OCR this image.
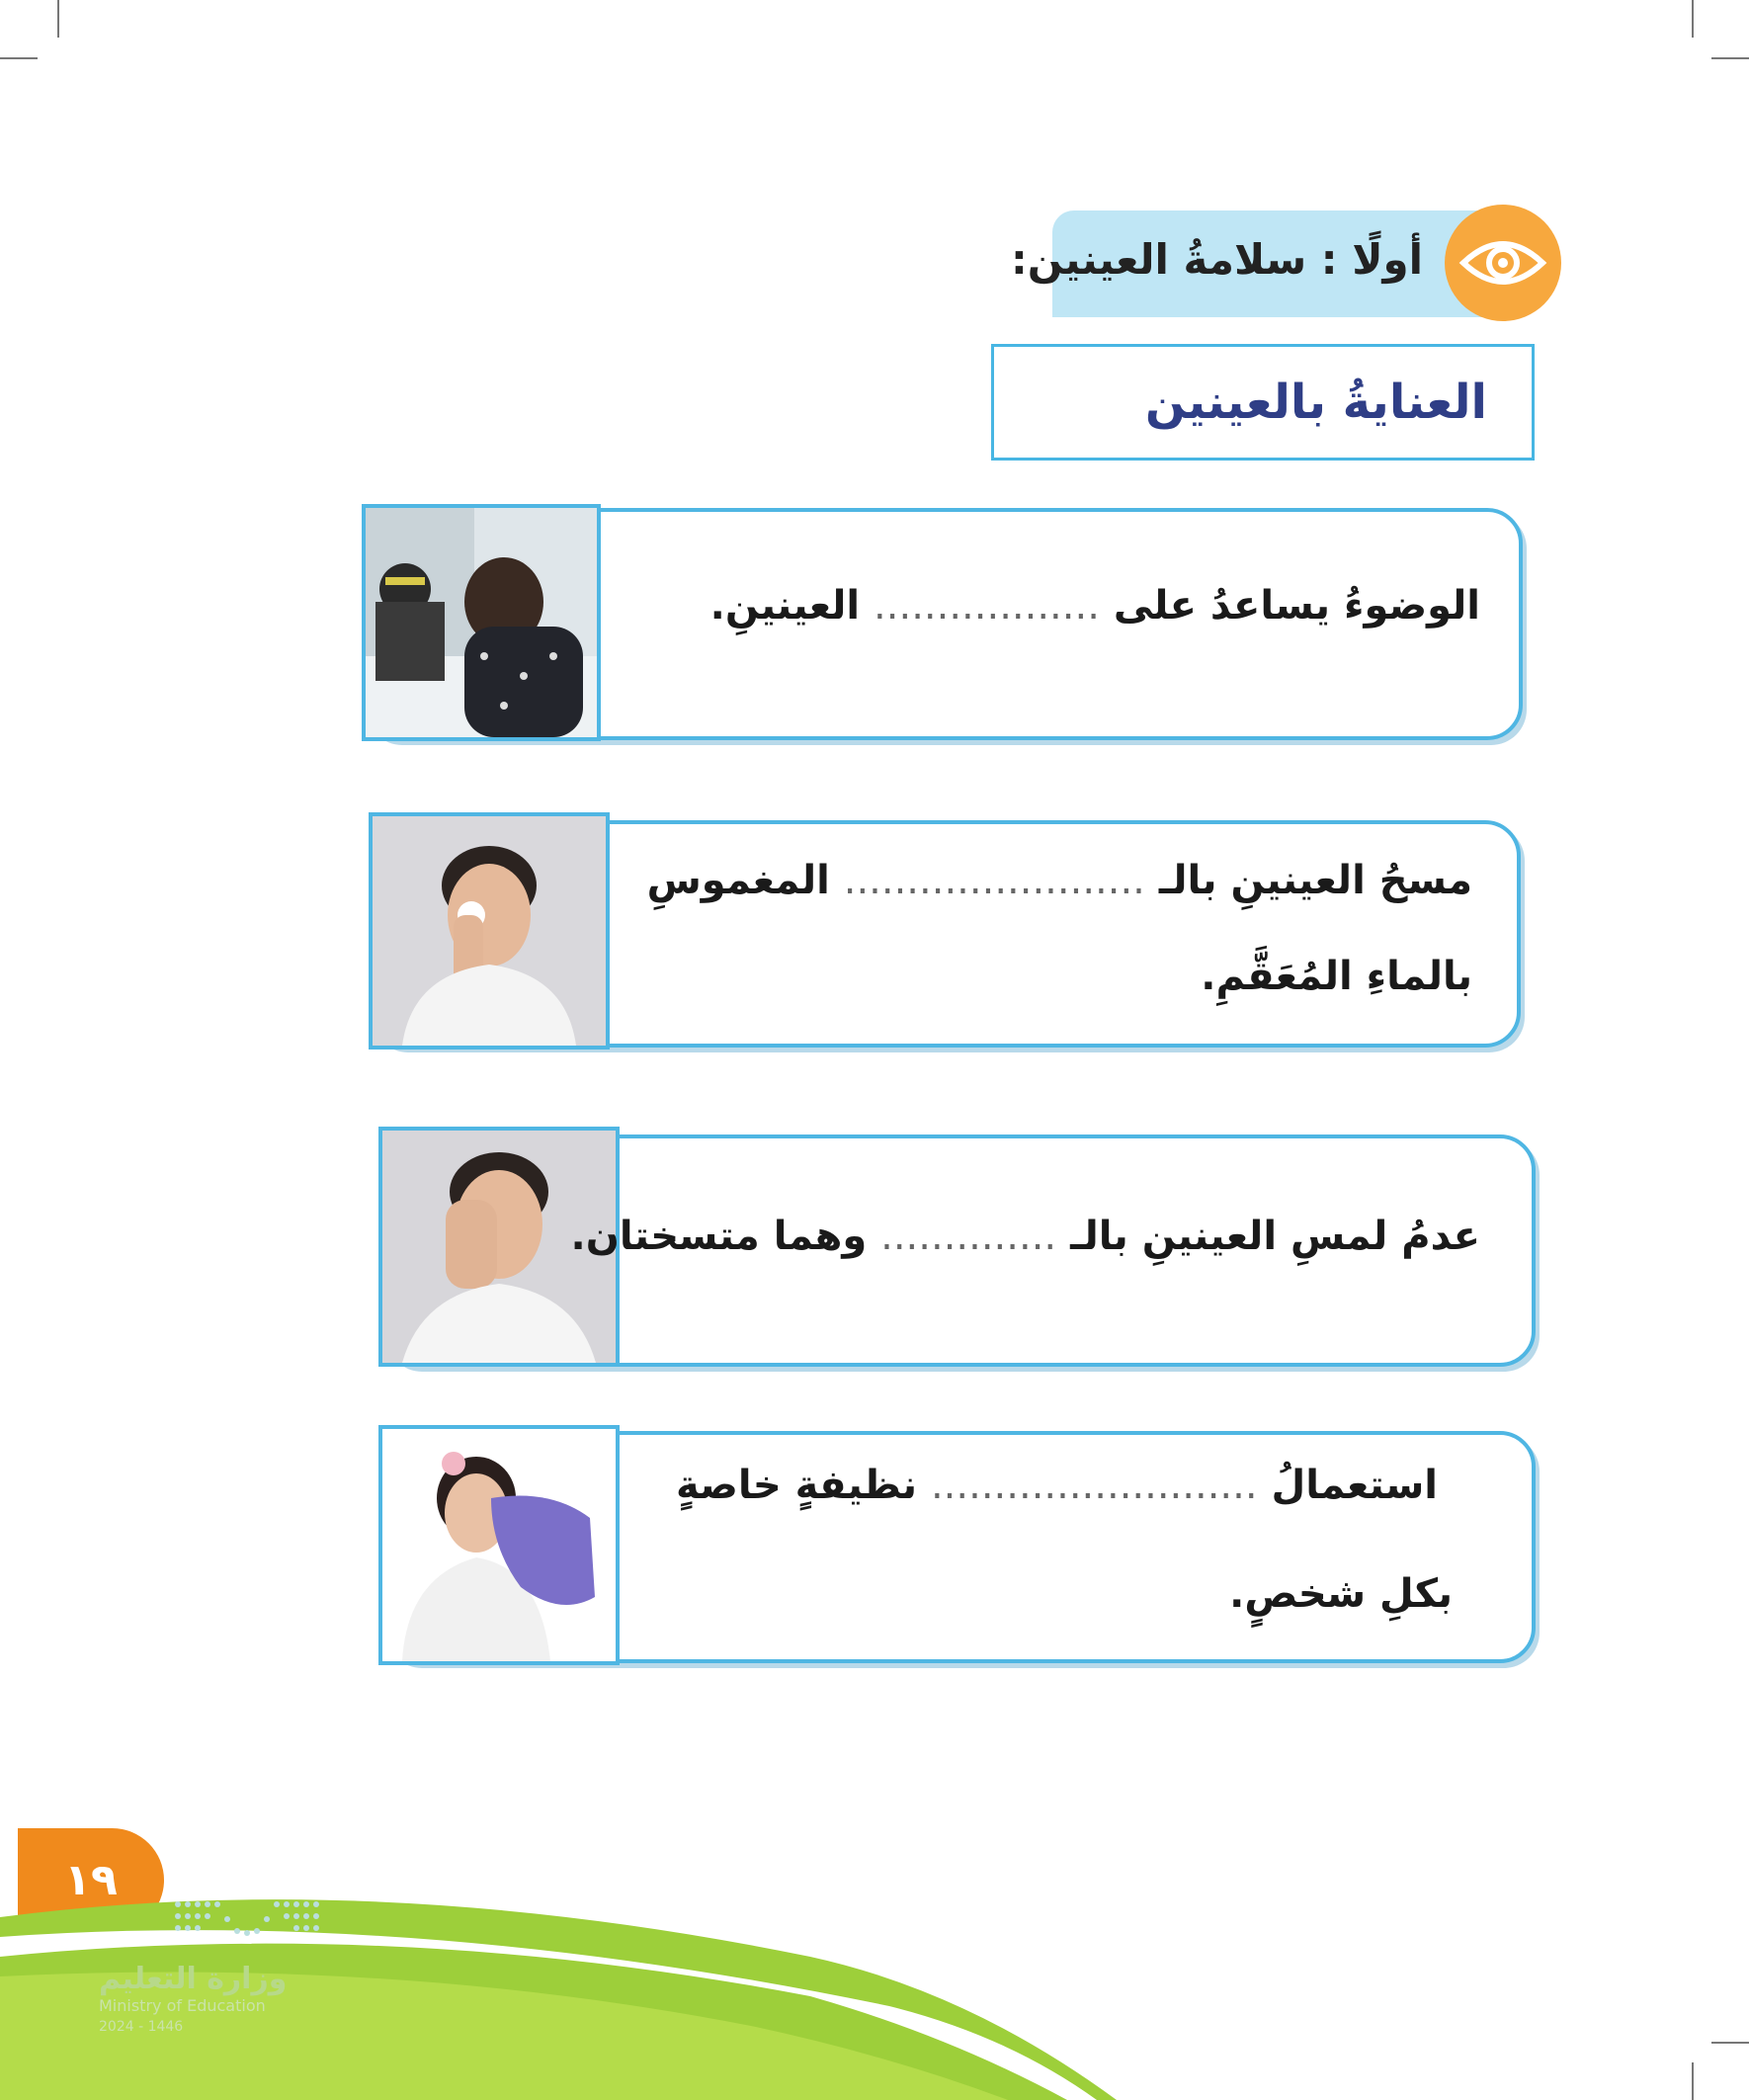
أولًا : سلامةُ العينين:
العنايةُ بالعينين
الوضوءُ يساعدُ على .................. العينينِ.
مسحُ العينينِ بالـ ........................ المغموسِ
بالماءِ المُعَقَّمِ.
عدمُ لمسِ العينينِ بالـ .............. وهما متسختان.
استعمالُ .......................... نظيفةٍ خاصةٍ
بكلِ شخصٍ.
١٩
وزارة التعليم
Ministry of Education
2024 - 1446
